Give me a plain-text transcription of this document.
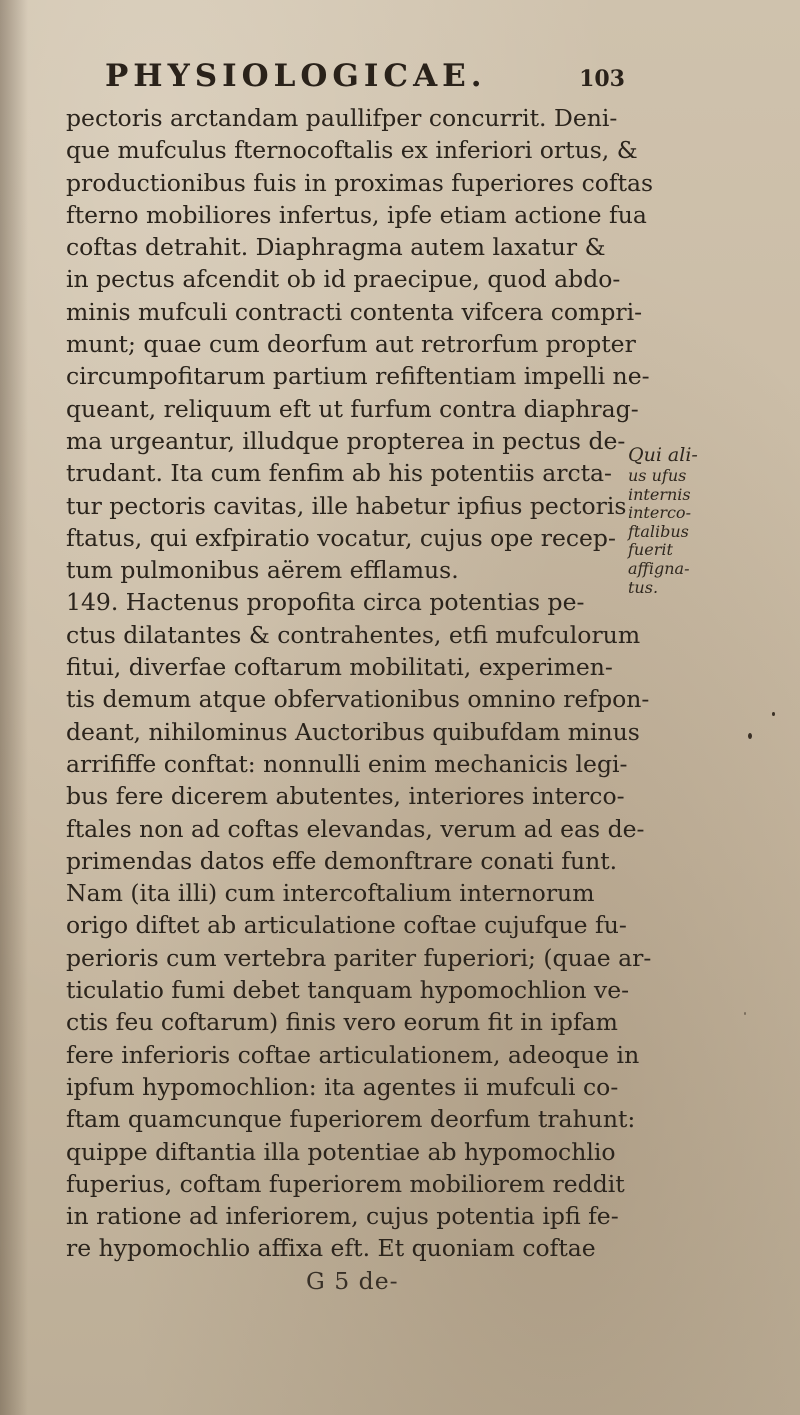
PHYSIOLOGICAE.	103
pectoris arctandam paullifper concurrit. Deni-
que mufculus fternocoftalis ex inferiori ortus, &
productionibus fuis in proximas fuperiores coftas
fterno mobiliores infertus, ipfe etiam actione fua
coftas detrahit. Diaphragma autem laxatur &
in pectus afcendit ob id praecipue, quod abdo-
minis mufculi contracti contenta vifcera compri-
munt; quae cum deorfum aut retrorfum propter
circumpofitarum partium refiftentiam impelli ne-
queant, reliquum eft ut furfum contra diaphrag-
ma urgeantur, illudque propterea in pectus de-
trudant. Ita cum fenfim ab his potentiis arcta-
tur pectoris cavitas, ille habetur ipfius pectoris
ftatus, qui exfpiratio vocatur, cujus ope recep-
tum pulmonibus aërem efflamus.
149. Hactenus propofita circa potentias pe-
ctus dilatantes & contrahentes, etfi mufculorum
fitui, diverfae coftarum mobilitati, experimen-
tis demum atque obfervationibus omnino refpon-
deant, nihilominus Auctoribus quibufdam minus
arrififfe conftat: nonnulli enim mechanicis legi-
bus fere dicerem abutentes, interiores interco-
ftales non ad coftas elevandas, verum ad eas de-
primendas datos effe demonftrare conati funt.
Nam (ita illi) cum intercoftalium internorum
origo diftet ab articulatione coftae cujufque fu-
perioris cum vertebra pariter fuperiori; (quae ar-
ticulatio fumi debet tanquam hypomochlion ve-
ctis feu coftarum) finis vero eorum fit in ipfam
fere inferioris coftae articulationem, adeoque in
ipfum hypomochlion: ita agentes ii mufculi co-
ftam quamcunque fuperiorem deorfum trahunt:
quippe diftantia illa potentiae ab hypomochlio
fuperius, coftam fuperiorem mobiliorem reddit
in ratione ad inferiorem, cujus potentia ipfi fe-
re hypomochlio affixa eft. Et quoniam coftae
G 5 de-
Qui ali-
us ufus
internis
interco-
ftalibus
fuerit
affigna-
tus.
